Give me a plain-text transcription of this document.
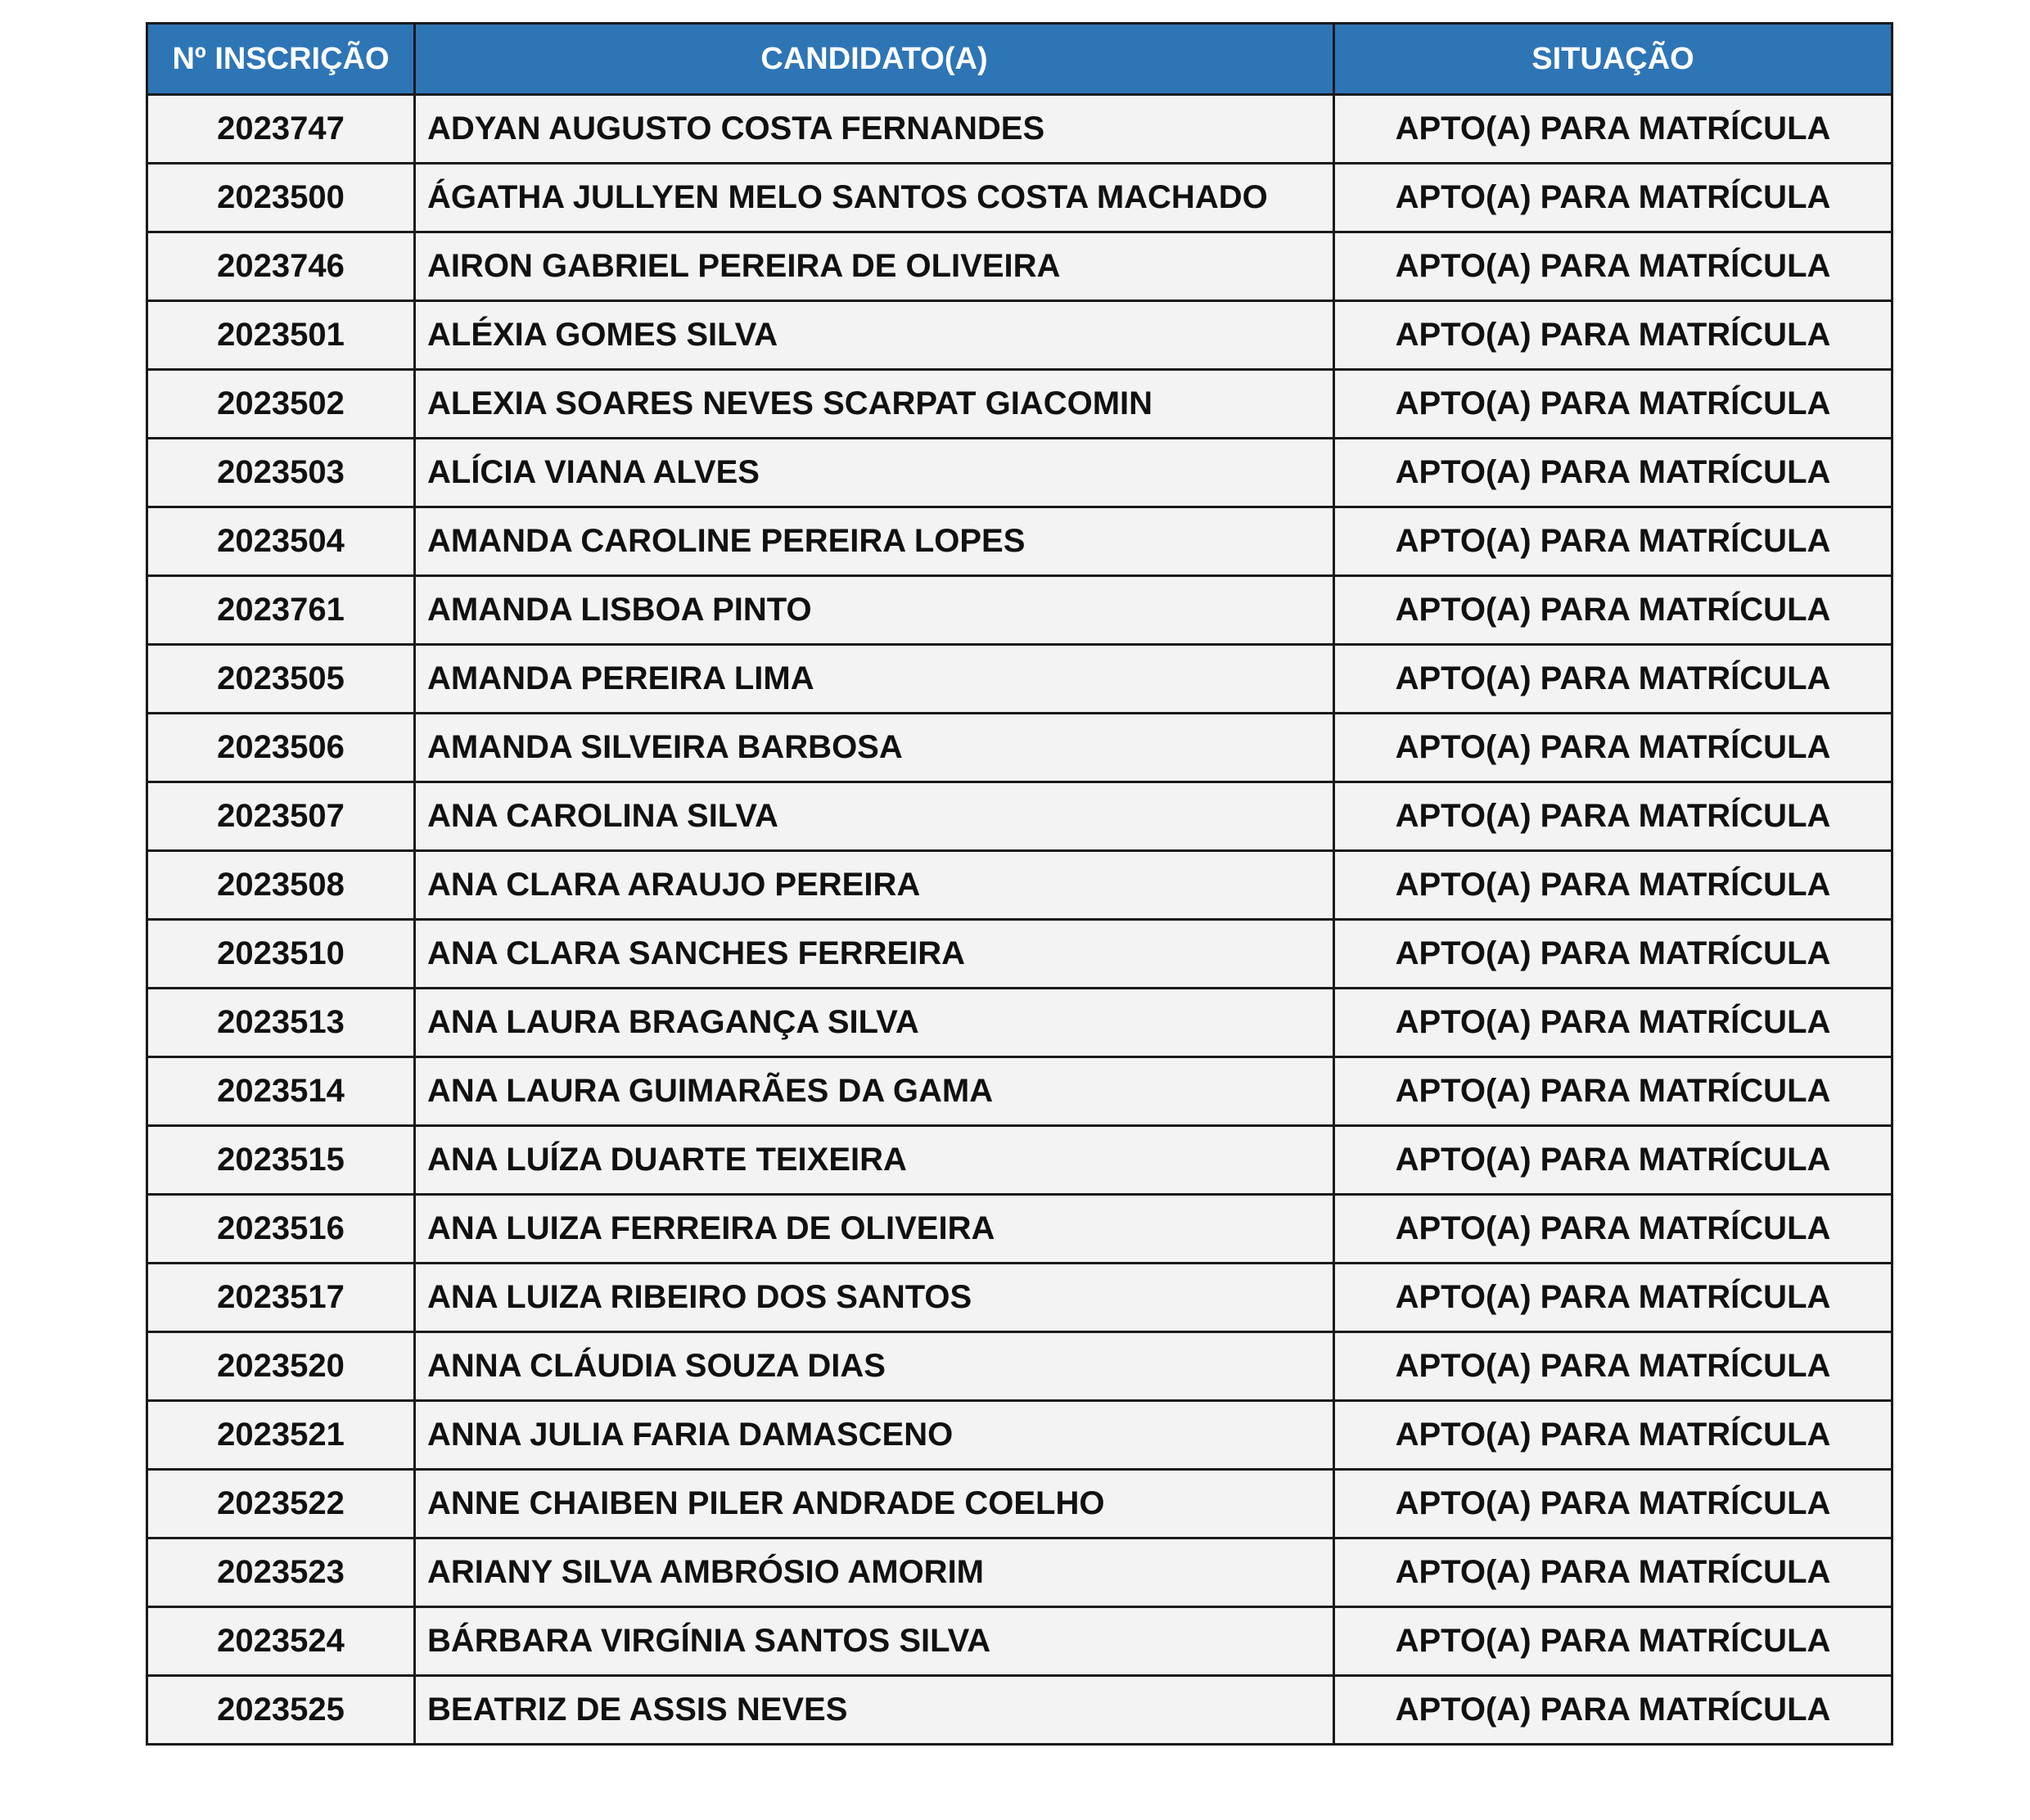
Nº INSCRIÇÃO	CANDIDATO(A)	SITUAÇÃO
2023747	ADYAN AUGUSTO COSTA FERNANDES	APTO(A) PARA MATRÍCULA
2023500	ÁGATHA JULLYEN MELO SANTOS COSTA MACHADO	APTO(A) PARA MATRÍCULA
2023746	AIRON GABRIEL PEREIRA DE OLIVEIRA	APTO(A) PARA MATRÍCULA
2023501	ALÉXIA GOMES SILVA	APTO(A) PARA MATRÍCULA
2023502	ALEXIA SOARES NEVES SCARPAT GIACOMIN	APTO(A) PARA MATRÍCULA
2023503	ALÍCIA VIANA ALVES	APTO(A) PARA MATRÍCULA
2023504	AMANDA CAROLINE PEREIRA LOPES	APTO(A) PARA MATRÍCULA
2023761	AMANDA LISBOA PINTO	APTO(A) PARA MATRÍCULA
2023505	AMANDA PEREIRA LIMA	APTO(A) PARA MATRÍCULA
2023506	AMANDA SILVEIRA BARBOSA	APTO(A) PARA MATRÍCULA
2023507	ANA CAROLINA SILVA	APTO(A) PARA MATRÍCULA
2023508	ANA CLARA ARAUJO PEREIRA	APTO(A) PARA MATRÍCULA
2023510	ANA CLARA SANCHES FERREIRA	APTO(A) PARA MATRÍCULA
2023513	ANA LAURA BRAGANÇA SILVA	APTO(A) PARA MATRÍCULA
2023514	ANA LAURA GUIMARÃES DA GAMA	APTO(A) PARA MATRÍCULA
2023515	ANA LUÍZA DUARTE TEIXEIRA	APTO(A) PARA MATRÍCULA
2023516	ANA LUIZA FERREIRA DE OLIVEIRA	APTO(A) PARA MATRÍCULA
2023517	ANA LUIZA RIBEIRO DOS SANTOS	APTO(A) PARA MATRÍCULA
2023520	ANNA CLÁUDIA SOUZA DIAS	APTO(A) PARA MATRÍCULA
2023521	ANNA JULIA FARIA DAMASCENO	APTO(A) PARA MATRÍCULA
2023522	ANNE CHAIBEN PILER ANDRADE COELHO	APTO(A) PARA MATRÍCULA
2023523	ARIANY SILVA AMBRÓSIO AMORIM	APTO(A) PARA MATRÍCULA
2023524	BÁRBARA VIRGÍNIA SANTOS SILVA	APTO(A) PARA MATRÍCULA
2023525	BEATRIZ DE ASSIS NEVES	APTO(A) PARA MATRÍCULA
